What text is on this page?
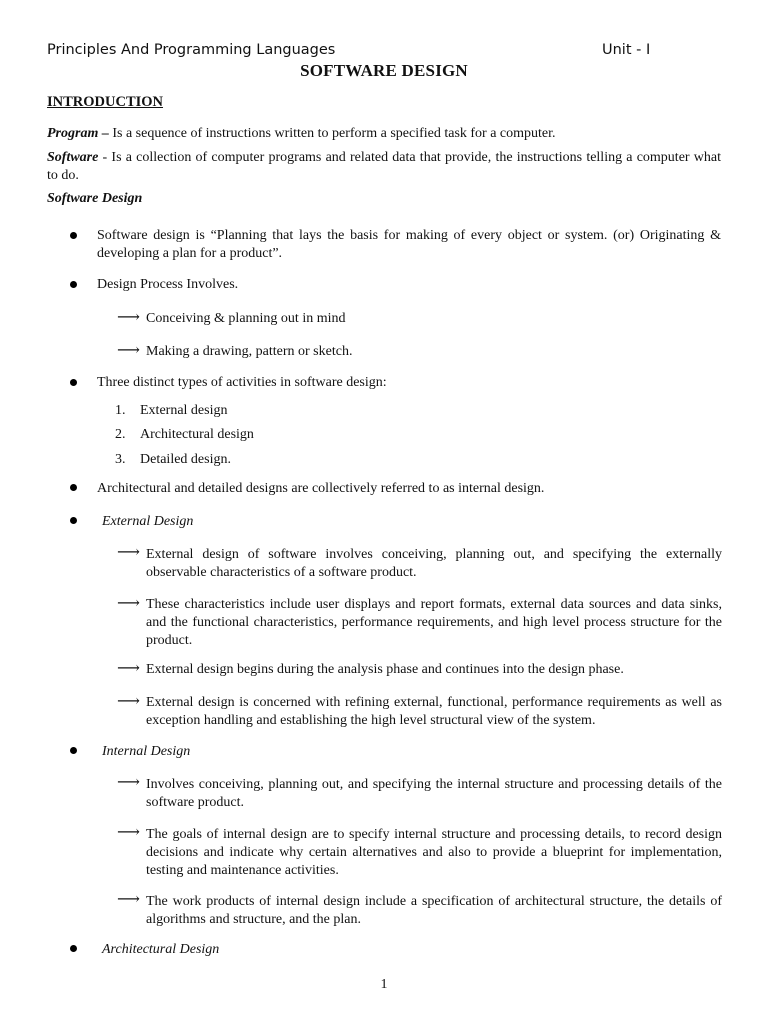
Principles And Programming Languages	Unit - I
SOFTWARE DESIGN
INTRODUCTION
Program – Is a sequence of instructions written to perform a specified task for a computer.
Software - Is a collection of computer programs and related data that provide, the instructions telling a computer what to do.
Software Design
Software design is “Planning that lays the basis for making of every object or system. (or) Originating & developing a plan for a product”.
Design Process Involves.
⟶ Conceiving & planning out in mind
⟶ Making a drawing, pattern or sketch.
Three distinct types of activities in software design:
1. External design
2. Architectural design
3. Detailed design.
Architectural and detailed designs are collectively referred to as internal design.
External Design
⟶ External design of software involves conceiving, planning out, and specifying the externally observable characteristics of a software product.
⟶ These characteristics include user displays and report formats, external data sources and data sinks, and the functional characteristics, performance requirements, and high level process structure for the product.
⟶ External design begins during the analysis phase and continues into the design phase.
⟶ External design is concerned with refining external, functional, performance requirements as well as exception handling and establishing the high level structural view of the system.
Internal Design
⟶ Involves conceiving, planning out, and specifying the internal structure and processing details of the software product.
⟶ The goals of internal design are to specify internal structure and processing details, to record design decisions and indicate why certain alternatives and also to provide a blueprint for implementation, testing and maintenance activities.
⟶ The work products of internal design include a specification of architectural structure, the details of algorithms and structure, and the plan.
Architectural Design
1
